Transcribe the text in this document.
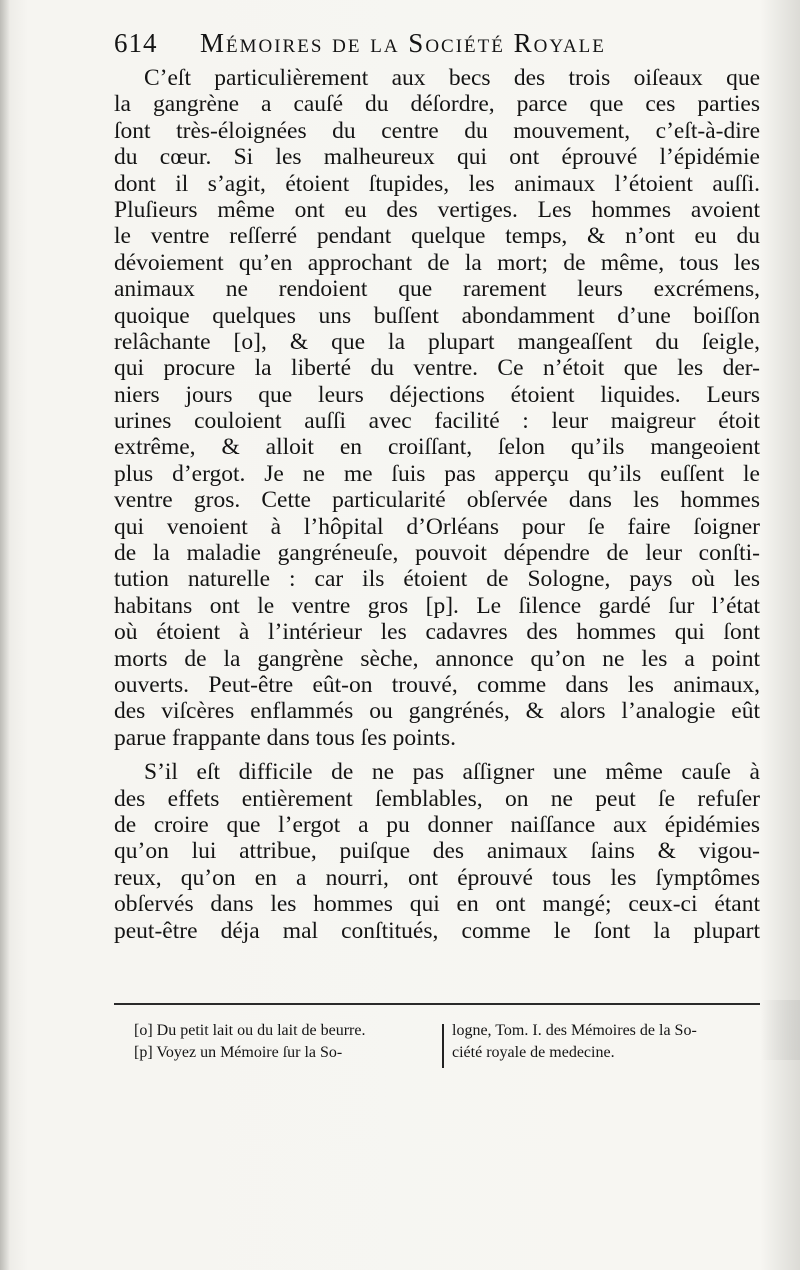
614 Mémoires de la Société Royale
C’eſt particulièrement aux becs des trois oiſeaux que
la gangrène a cauſé du déſordre, parce que ces parties
ſont très-éloignées du centre du mouvement, c’eſt-à-dire
du cœur. Si les malheureux qui ont éprouvé l’épidémie
dont il s’agit, étoient ſtupides, les animaux l’étoient auſſi.
Pluſieurs même ont eu des vertiges. Les hommes avoient
le ventre reſſerré pendant quelque temps, & n’ont eu du
dévoiement qu’en approchant de la mort; de même, tous les
animaux ne rendoient que rarement leurs excrémens,
quoique quelques uns buſſent abondamment d’une boiſſon
relâchante [o], & que la plupart mangeaſſent du ſeigle,
qui procure la liberté du ventre. Ce n’étoit que les der-
niers jours que leurs déjections étoient liquides. Leurs
urines couloient auſſi avec facilité : leur maigreur étoit
extrême, & alloit en croiſſant, ſelon qu’ils mangeoient
plus d’ergot. Je ne me ſuis pas apperçu qu’ils euſſent le
ventre gros. Cette particularité obſervée dans les hommes
qui venoient à l’hôpital d’Orléans pour ſe faire ſoigner
de la maladie gangréneuſe, pouvoit dépendre de leur conſti-
tution naturelle : car ils étoient de Sologne, pays où les
habitans ont le ventre gros [p]. Le ſilence gardé ſur l’état
où étoient à l’intérieur les cadavres des hommes qui ſont
morts de la gangrène sèche, annonce qu’on ne les a point
ouverts. Peut-être eût-on trouvé, comme dans les animaux,
des viſcères enflammés ou gangrénés, & alors l’analogie eût
parue frappante dans tous ſes points.
S’il eſt difficile de ne pas aſſigner une même cauſe à
des effets entièrement ſemblables, on ne peut ſe refuſer
de croire que l’ergot a pu donner naiſſance aux épidémies
qu’on lui attribue, puiſque des animaux ſains & vigou-
reux, qu’on en a nourri, ont éprouvé tous les ſymptômes
obſervés dans les hommes qui en ont mangé; ceux-ci étant
peut-être déja mal conſtitués, comme le ſont la plupart
[o] Du petit lait ou du lait de beurre.
[p] Voyez un Mémoire ſur la So-
logne, Tom. I. des Mémoires de la So-
ciété royale de medecine.
